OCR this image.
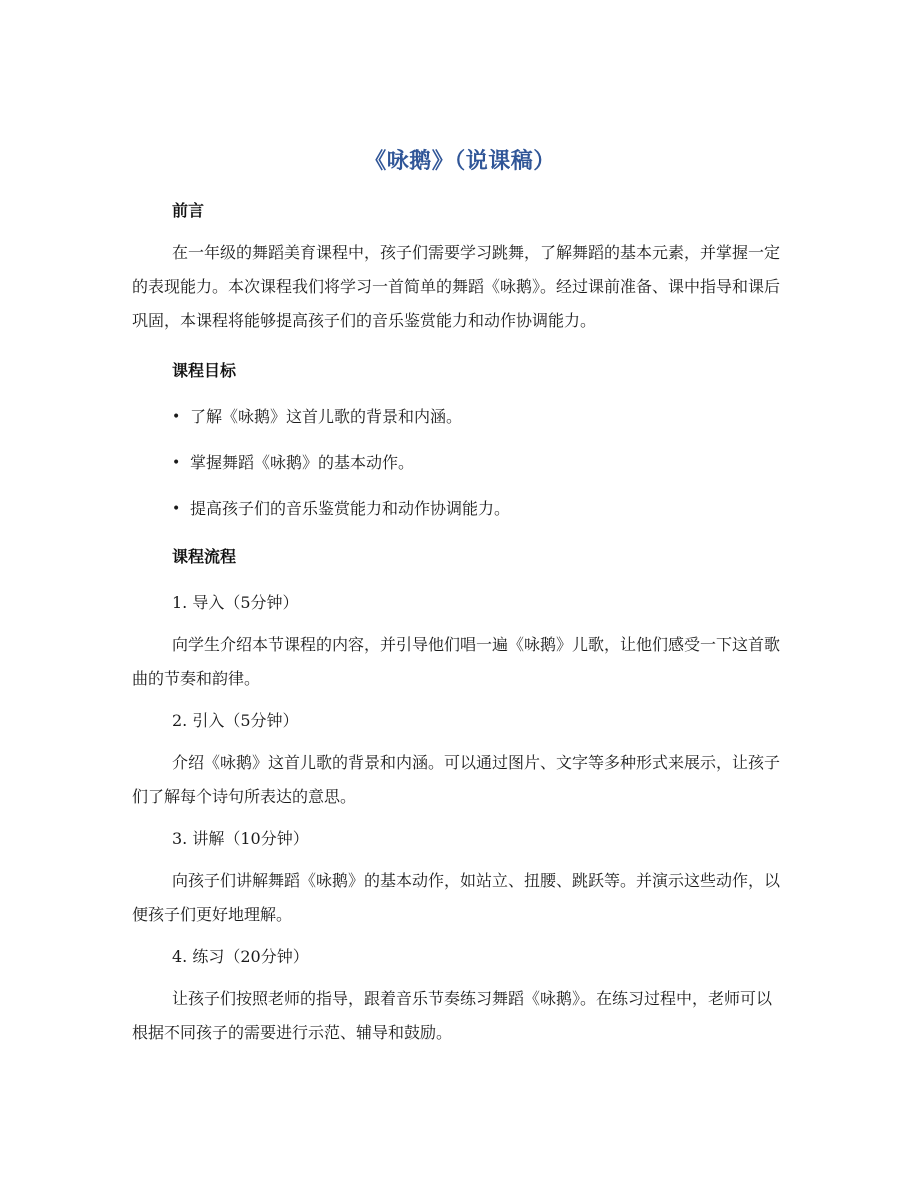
《咏鹅》（说课稿）
前言
在一年级的舞蹈美育课程中，孩子们需要学习跳舞，了解舞蹈的基本元素，并掌握一定的表现能力。本次课程我们将学习一首简单的舞蹈《咏鹅》。经过课前准备、课中指导和课后巩固，本课程将能够提高孩子们的音乐鉴赏能力和动作协调能力。
课程目标
• 了解《咏鹅》这首儿歌的背景和内涵。
• 掌握舞蹈《咏鹅》的基本动作。
• 提高孩子们的音乐鉴赏能力和动作协调能力。
课程流程
1. 导入（5分钟）
向学生介绍本节课程的内容，并引导他们唱一遍《咏鹅》儿歌，让他们感受一下这首歌曲的节奏和韵律。
2. 引入（5分钟）
介绍《咏鹅》这首儿歌的背景和内涵。可以通过图片、文字等多种形式来展示，让孩子们了解每个诗句所表达的意思。
3. 讲解（10分钟）
向孩子们讲解舞蹈《咏鹅》的基本动作，如站立、扭腰、跳跃等。并演示这些动作，以便孩子们更好地理解。
4. 练习（20分钟）
让孩子们按照老师的指导，跟着音乐节奏练习舞蹈《咏鹅》。在练习过程中，老师可以根据不同孩子的需要进行示范、辅导和鼓励。
